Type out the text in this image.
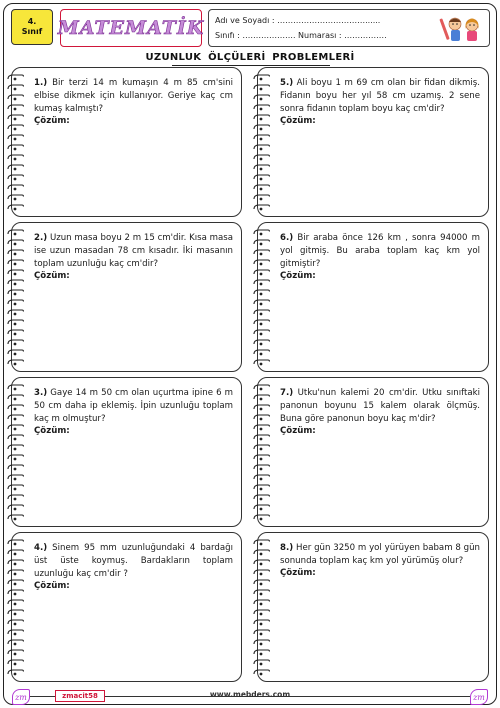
4.
Sınıf MATEMATİK Adı ve Soyadı : ……………………………......
Sınıfı : ……………….. Numarası : ………….…
UZUNLUK ÖLÇÜLERİ PROBLEMLERİ
1.) Bir terzi 14 m kumaşın 4 m 85 cm'sini elbise dikmek için kullanıyor. Geriye kaç cm kumaş kalmıştı?
Çözüm:
2.) Uzun masa boyu 2 m 15 cm'dir. Kısa masa ise uzun masadan 78 cm kısadır. İki masanın toplam uzunluğu kaç cm'dir?
Çözüm:
3.) Gaye 14 m 50 cm olan uçurtma ipine 6 m 50 cm daha ip eklemiş. İpin uzunluğu toplam kaç m olmuştur?
Çözüm:
4.) Sinem 95 mm uzunluğundaki 4 bardağı üst üste koymuş. Bardakların toplam uzunluğu kaç cm'dir ?
Çözüm:
5.) Ali boyu 1 m 69 cm olan bir fidan dikmiş. Fidanın boyu her yıl 58 cm uzamış. 2 sene sonra fidanın toplam boyu kaç cm'dir?
Çözüm:
6.) Bir araba önce 126 km , sonra 94000 m yol gitmiş. Bu araba toplam kaç km yol gitmiştir?
Çözüm:
7.) Utku'nun kalemi 20 cm'dir. Utku sınıftaki panonun boyunu 15 kalem olarak ölçmüş. Buna göre panonun boyu kaç m'dir?
Çözüm:
8.) Her gün 3250 m yol yürüyen babam 8 gün sonunda toplam kaç km yol yürümüş olur?
Çözüm:
zm	zmacit58	www.mebders.com	zm
